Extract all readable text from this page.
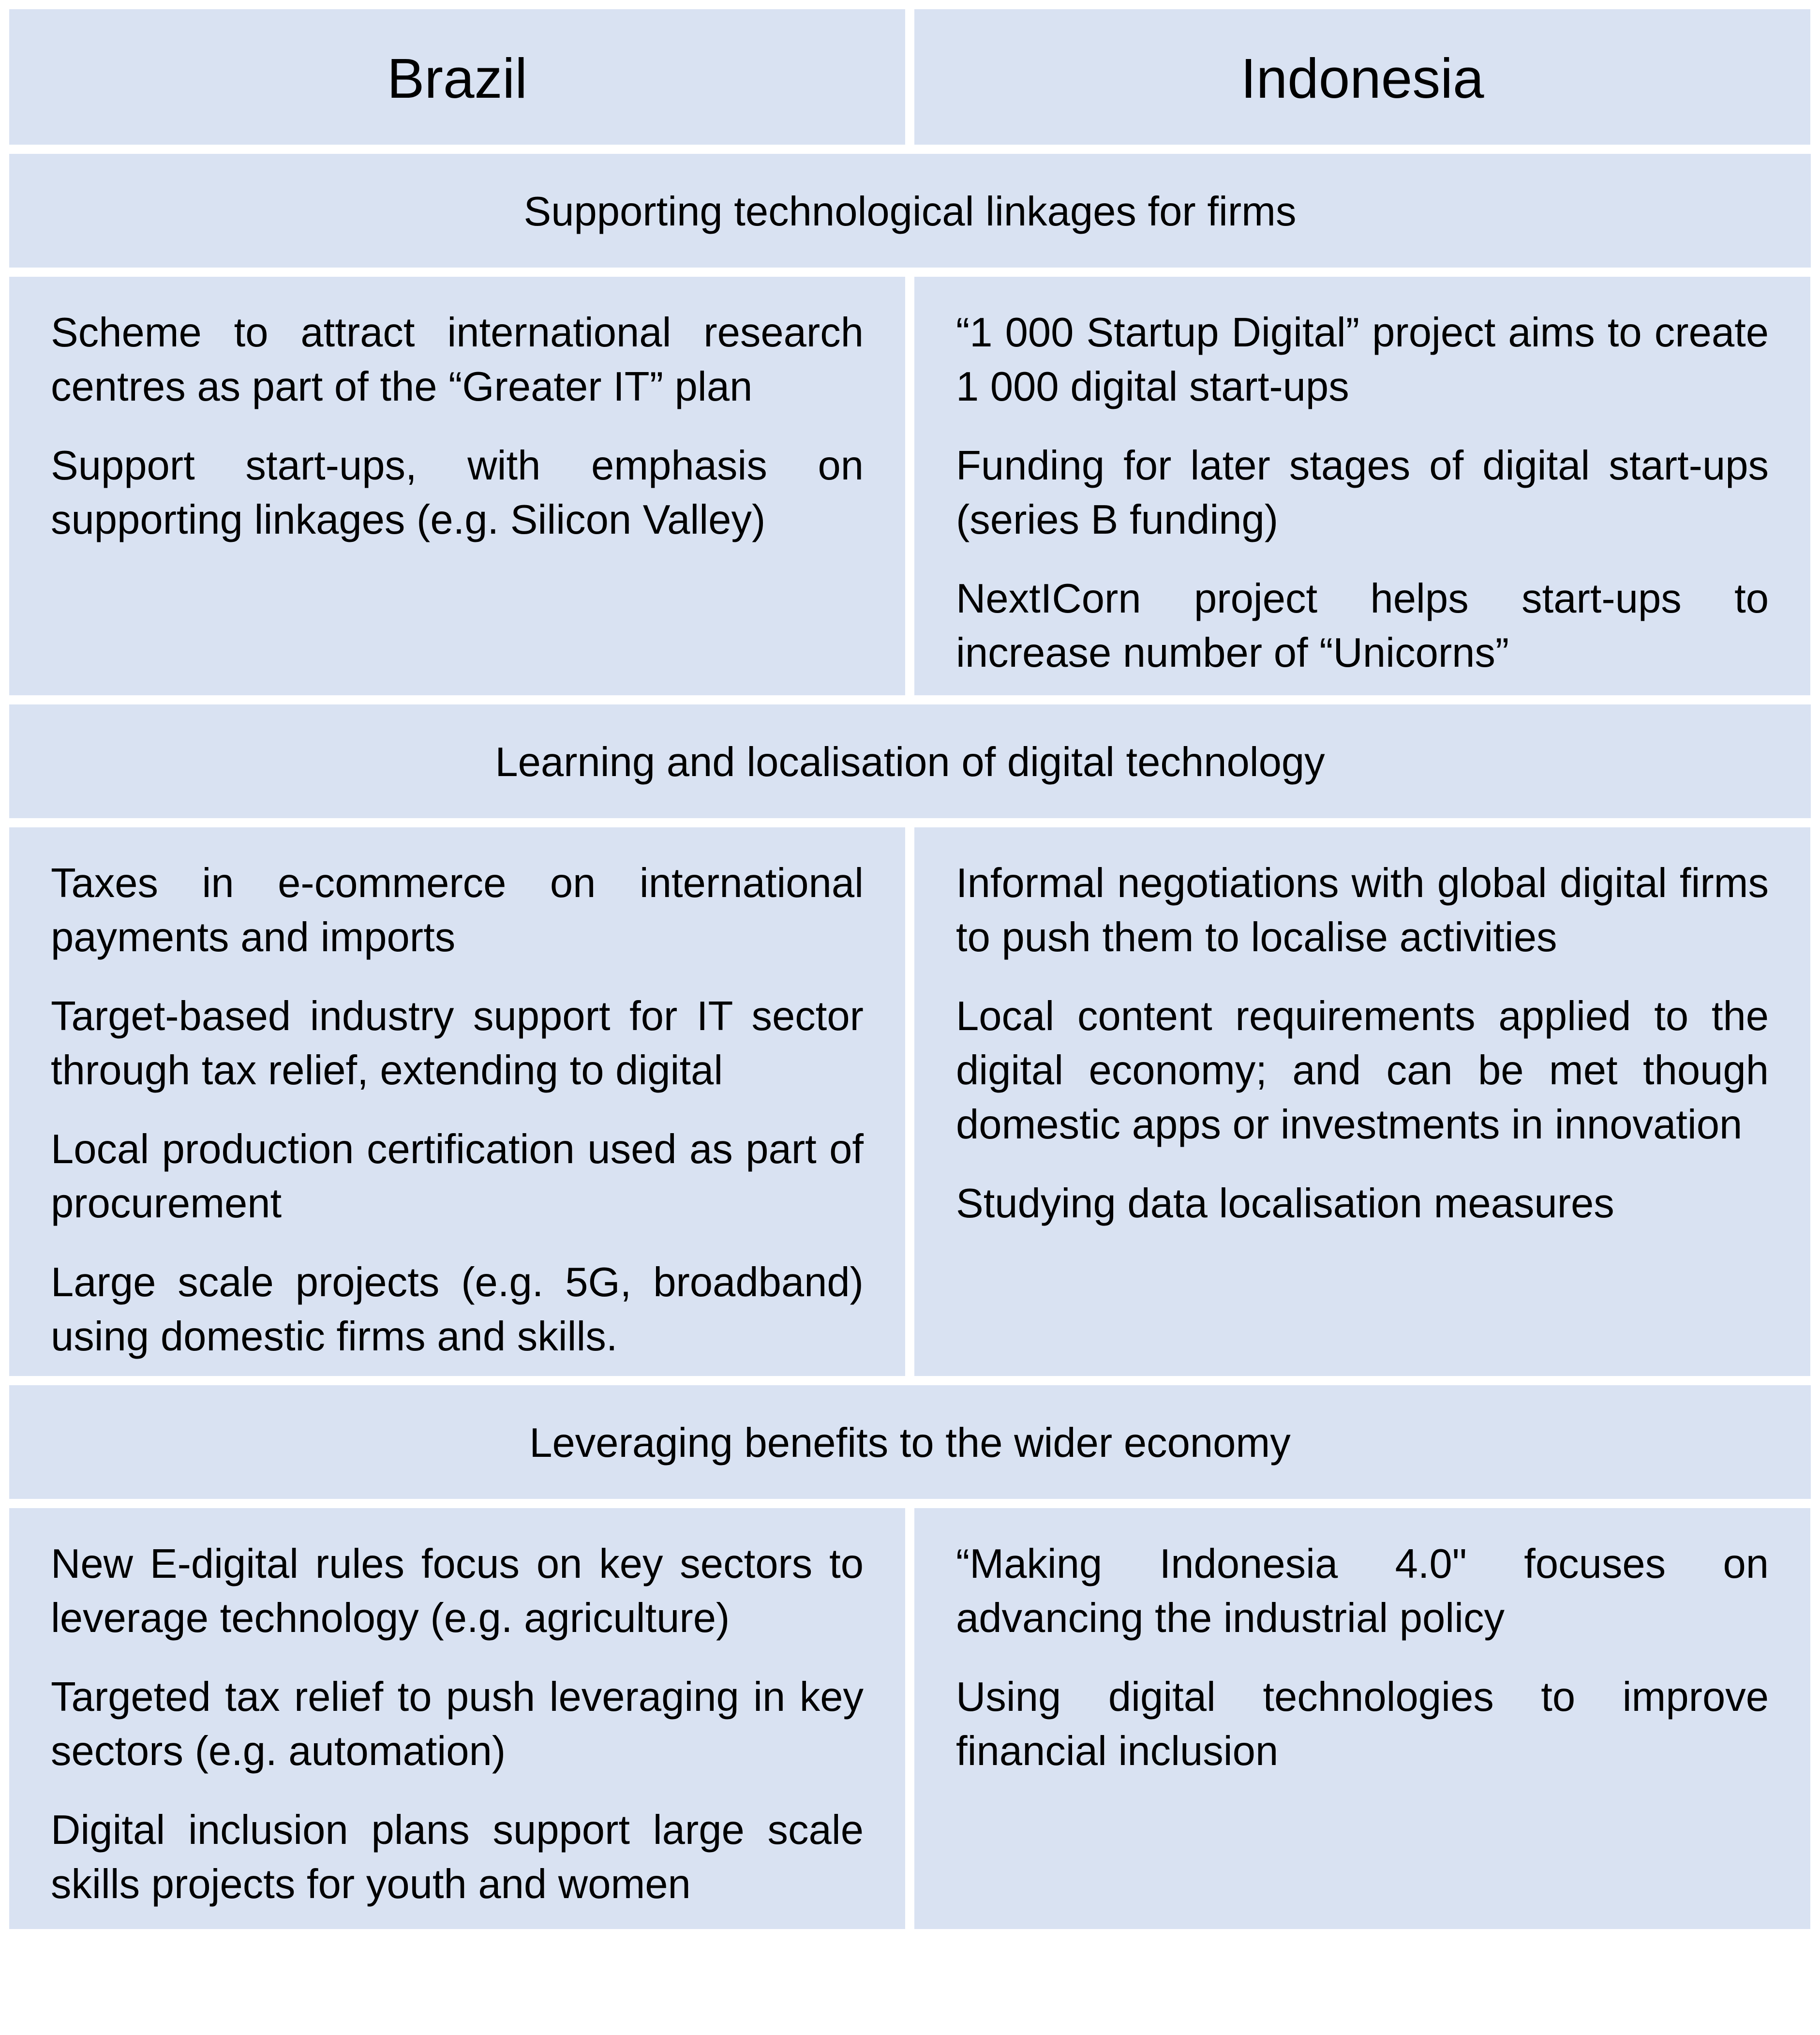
Brazil	Indonesia
Supporting technological linkages for firms

Scheme to attract international research centres as part of the “Greater IT” plan

Support start-ups, with emphasis on supporting linkages (e.g. Silicon Valley)

“1 000 Startup Digital” project aims to create 1 000 digital start-ups

Funding for later stages of digital start-ups (series B funding)

NextICorn project helps start-ups to increase number of “Unicorns”

Learning and localisation of digital technology

Taxes in e-commerce on international payments and imports

Target-based industry support for IT sector through tax relief, extending to digital

Local production certification used as part of procurement

Large scale projects (e.g. 5G, broadband) using domestic firms and skills.

Informal negotiations with global digital firms to push them to localise activities

Local content requirements applied to the digital economy; and can be met though domestic apps or investments in innovation

Studying data localisation measures

Leveraging benefits to the wider economy

New E-digital rules focus on key sectors to leverage technology (e.g. agriculture)

Targeted tax relief to push leveraging in key sectors (e.g. automation)

Digital inclusion plans support large scale skills projects for youth and women

“Making Indonesia 4.0" focuses on advancing the industrial policy

Using digital technologies to improve financial inclusion
